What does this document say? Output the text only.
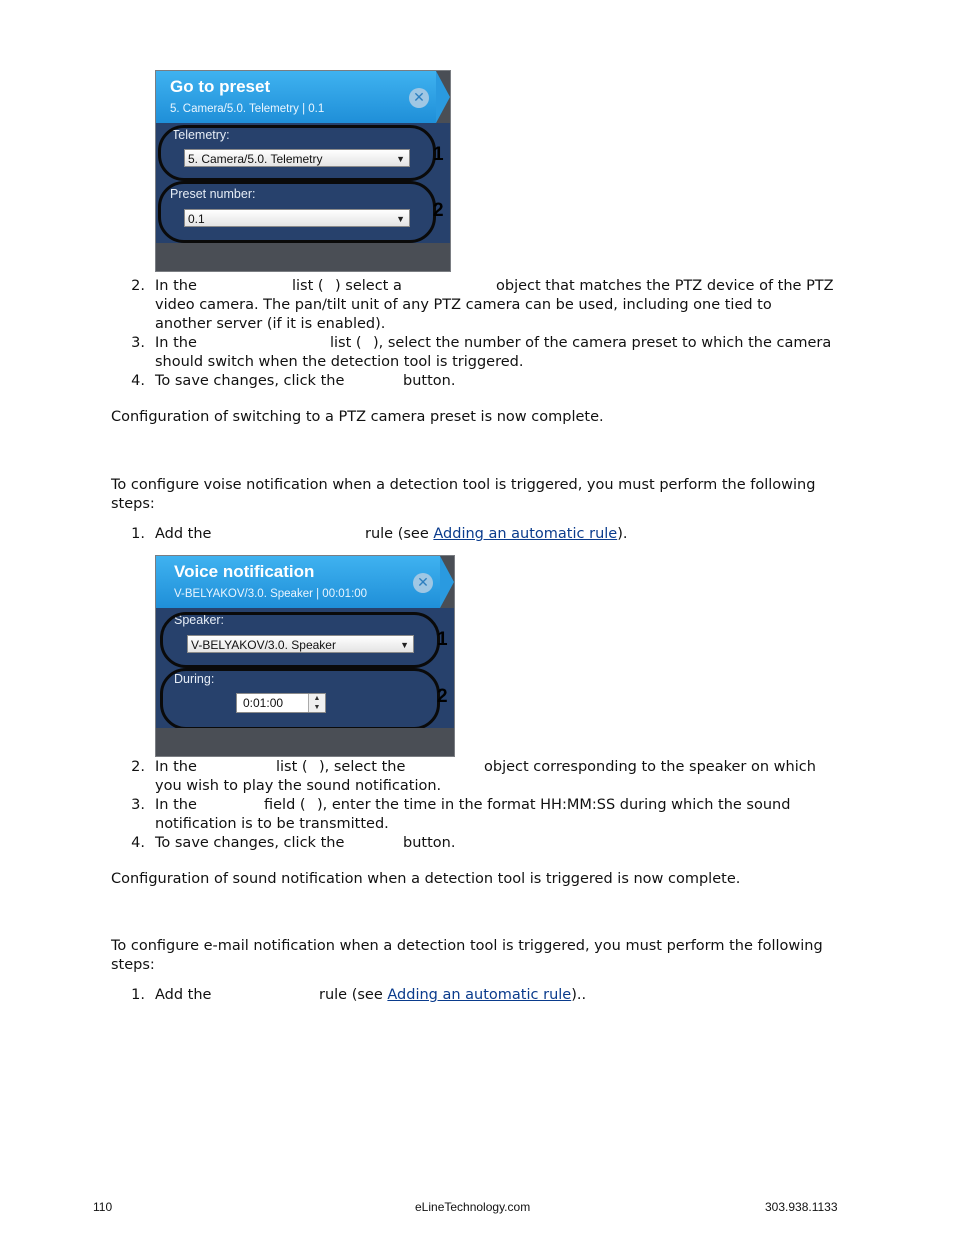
Go to preset
5. Camera/5.0. Telemetry | 0.1
✕
Telemetry:
5. Camera/5.0. Telemetry	▼
Preset number:
0.1	▼
1
2
2. In the	list ( ) select a	object that matches the PTZ device of the PTZ
video camera. The pan/tilt unit of any PTZ camera can be used, including one tied to
another server (if it is enabled).
3. In the	list ( ), select the number of the camera preset to which the camera
should switch when the detection tool is triggered.
4. To save changes, click the	button.
Configuration of switching to a PTZ camera preset is now complete.
To configure voise notification when a detection tool is triggered, you must perform the following
steps:
1. Add the	rule (see Adding an automatic rule).
Voice notification
V-BELYAKOV/3.0. Speaker | 00:01:00
✕
Speaker:
V-BELYAKOV/3.0. Speaker	▼
During:
0:01:00	▲
▼
1
2
2. In the	list ( ), select the	object corresponding to the speaker on which
you wish to play the sound notification.
3. In the	field ( ), enter the time in the format HH:MM:SS during which the sound
notification is to be transmitted.
4. To save changes, click the	button.
Configuration of sound notification when a detection tool is triggered is now complete.
To configure e-mail notification when a detection tool is triggered, you must perform the following
steps:
1. Add the	rule (see Adding an automatic rule)..
110	eLineTechnology.com	303.938.1133
